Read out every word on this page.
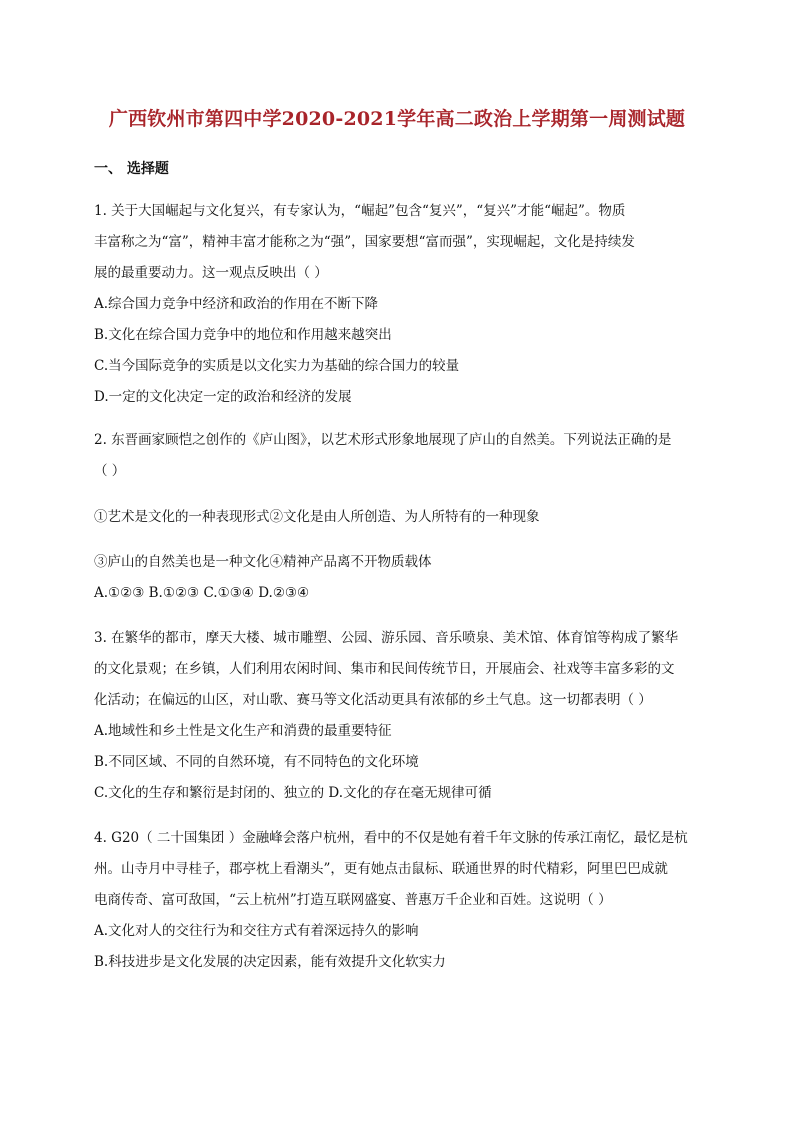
广西钦州市第四中学2020-2021学年高二政治上学期第一周测试题
一、 选择题
1. 关于大国崛起与文化复兴，有专家认为，“崛起”包含“复兴”，“复兴”才能“崛起”。物质
丰富称之为“富”，精神丰富才能称之为“强”，国家要想“富而强”，实现崛起，文化是持续发
展的最重要动力。这一观点反映出（ ）
A.综合国力竞争中经济和政治的作用在不断下降
B.文化在综合国力竞争中的地位和作用越来越突出
C.当今国际竞争的实质是以文化实力为基础的综合国力的较量
D.一定的文化决定一定的政治和经济的发展
2. 东晋画家顾恺之创作的《庐山图》，以艺术形式形象地展现了庐山的自然美。下列说法正确的是
（ ）
①艺术是文化的一种表现形式②文化是由人所创造、为人所特有的一种现象
③庐山的自然美也是一种文化④精神产品离不开物质载体
A.①②③ B.①②③ C.①③④ D.②③④
3. 在繁华的都市，摩天大楼、城市雕塑、公园、游乐园、音乐喷泉、美术馆、体育馆等构成了繁华
的文化景观；在乡镇，人们利用农闲时间、集市和民间传统节日，开展庙会、社戏等丰富多彩的文
化活动；在偏远的山区，对山歌、赛马等文化活动更具有浓郁的乡土气息。这一切都表明（ ）
A.地域性和乡土性是文化生产和消费的最重要特征
B.不同区域、不同的自然环境，有不同特色的文化环境
C.文化的生存和繁衍是封闭的、独立的 D.文化的存在毫无规律可循
4. G20（ 二十国集团 ）金融峰会落户杭州，看中的不仅是她有着千年文脉的传承江南忆，最忆是杭
州。山寺月中寻桂子，郡亭枕上看潮头”，更有她点击鼠标、联通世界的时代精彩，阿里巴巴成就
电商传奇、富可敌国，“云上杭州”打造互联网盛宴、普惠万千企业和百姓。这说明（ ）
A.文化对人的交往行为和交往方式有着深远持久的影响
B.科技进步是文化发展的决定因素，能有效提升文化软实力
